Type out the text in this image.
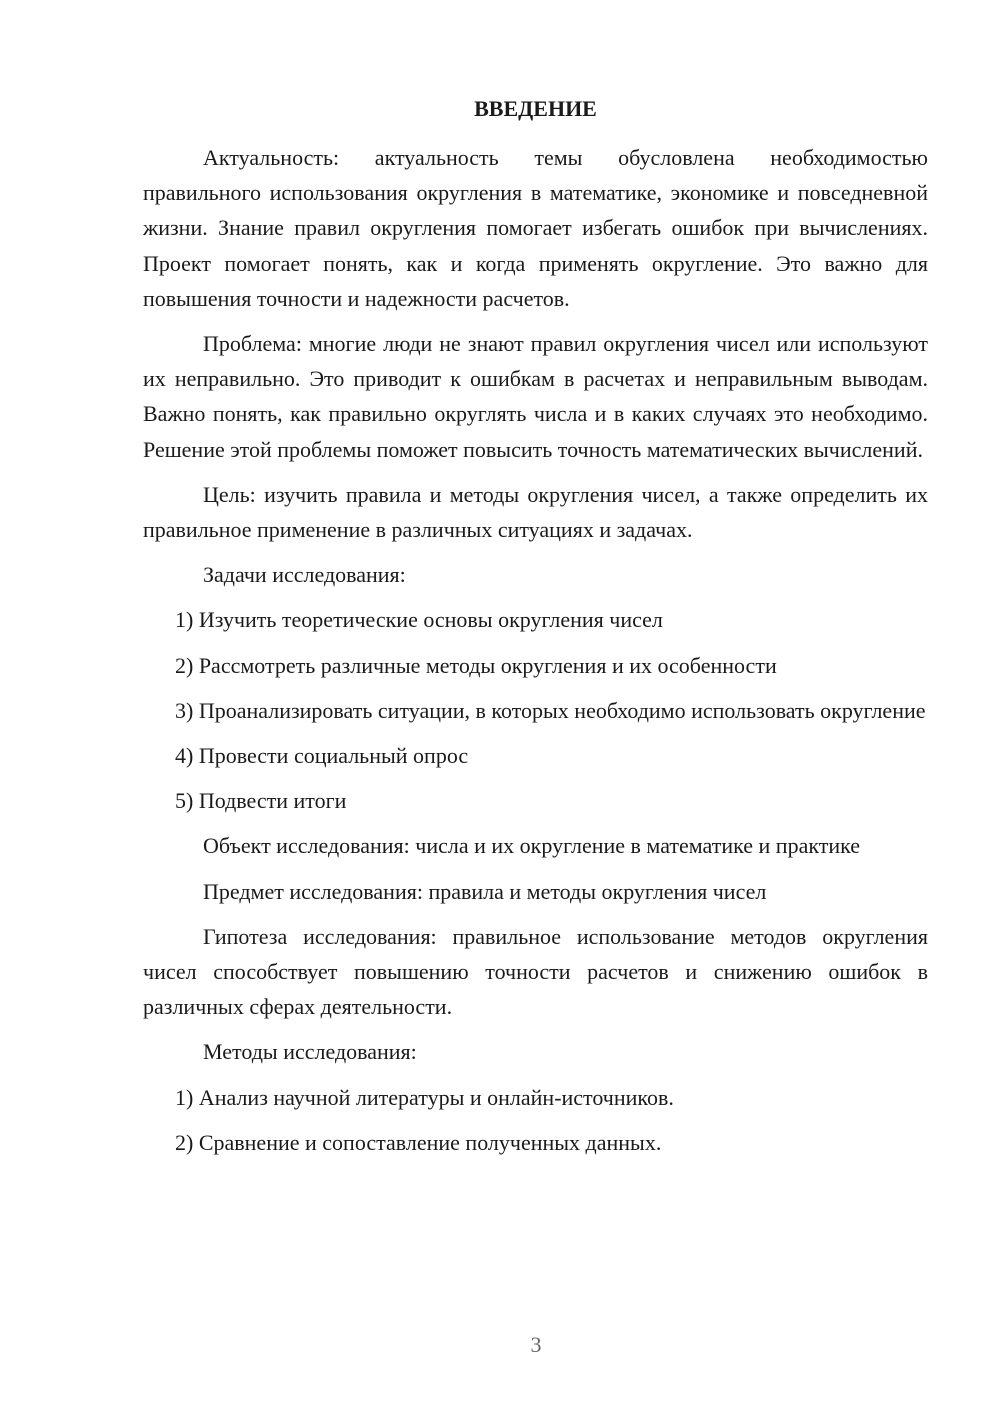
ВВЕДЕНИЕ

Актуальность: актуальность темы обусловлена необходимостью правильного использования округления в математике, экономике и повседневной жизни. Знание правил округления помогает избегать ошибок при вычислениях. Проект помогает понять, как и когда применять округление. Это важно для повышения точности и надежности расчетов.

Проблема: многие люди не знают правил округления чисел или используют их неправильно. Это приводит к ошибкам в расчетах и неправильным выводам. Важно понять, как правильно округлять числа и в каких случаях это необходимо. Решение этой проблемы поможет повысить точность математических вычислений.

Цель: изучить правила и методы округления чисел, а также определить их правильное применение в различных ситуациях и задачах.

Задачи исследования:

1) Изучить теоретические основы округления чисел

2) Рассмотреть различные методы округления и их особенности

3) Проанализировать ситуации, в которых необходимо использовать округление

4) Провести социальный опрос

5) Подвести итоги

Объект исследования: числа и их округление в математике и практике

Предмет исследования: правила и методы округления чисел

Гипотеза исследования: правильное использование методов округления чисел способствует повышению точности расчетов и снижению ошибок в различных сферах деятельности.

Методы исследования:

1) Анализ научной литературы и онлайн-источников.

2) Сравнение и сопоставление полученных данных.

3
